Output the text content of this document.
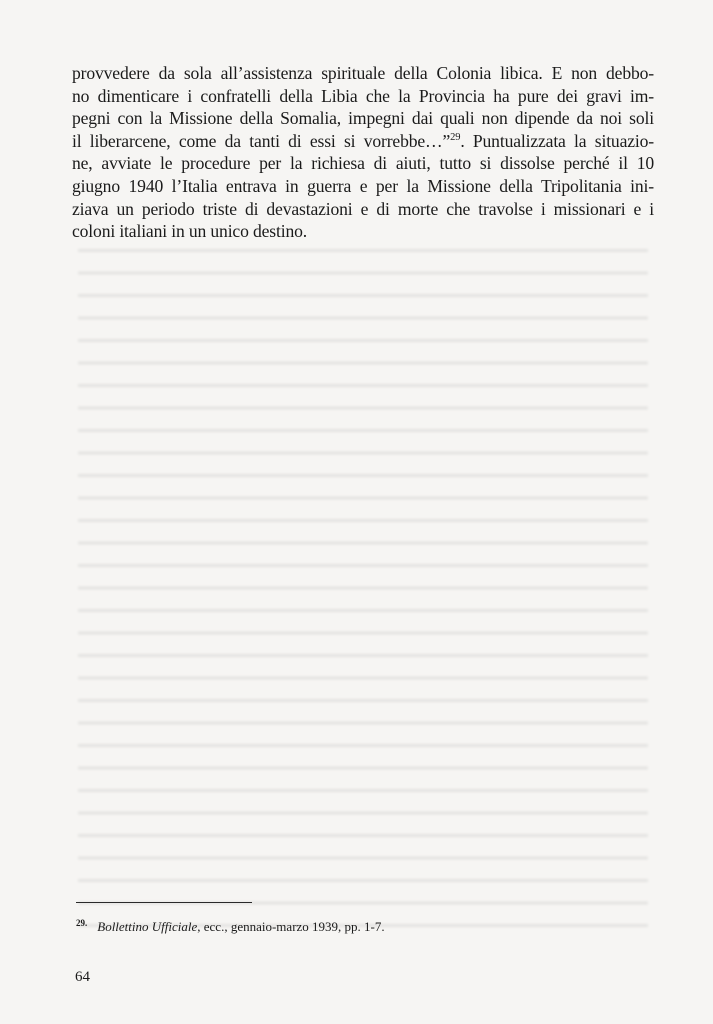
provvedere da sola all’assistenza spirituale della Colonia libica. E non debbo-
no dimenticare i confratelli della Libia che la Provincia ha pure dei gravi im-
pegni con la Missione della Somalia, impegni dai quali non dipende da noi soli
il liberarcene, come da tanti di essi si vorrebbe…”$^{29}$. Puntualizzata la situazio-
ne, avviate le procedure per la richiesa di aiuti, tutto si dissolse perché il 10
giugno 1940 l’Italia entrava in guerra e per la Missione della Tripolitania ini-
ziava un periodo triste di devastazioni e di morte che travolse i missionari e i
coloni italiani in un unico destino.
$^{29.}$ Bollettino Ufficiale, ecc., gennaio-marzo 1939, pp. 1-7.
64
